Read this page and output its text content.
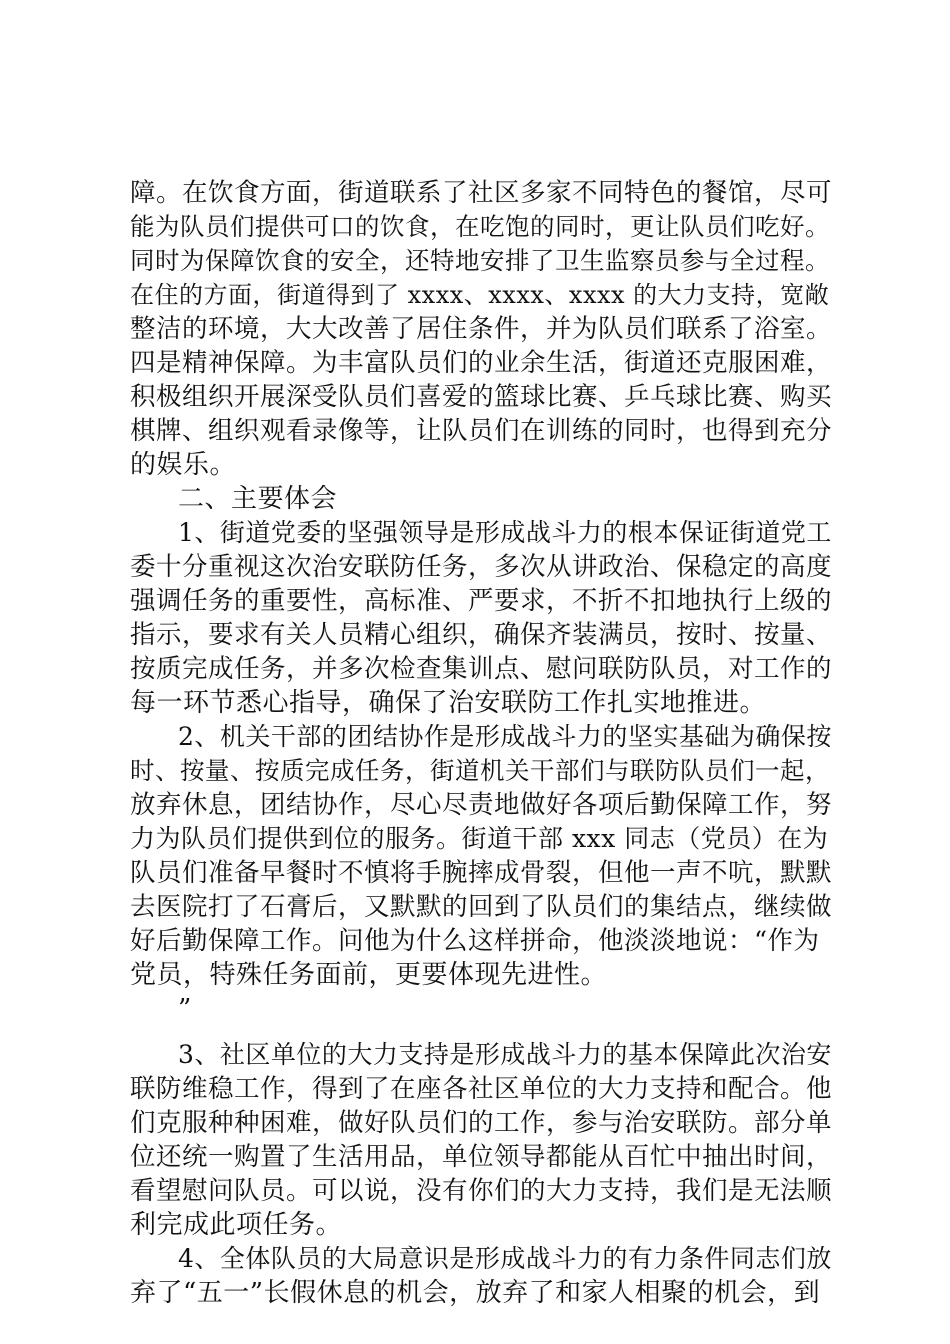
障。在饮食方面，街道联系了社区多家不同特色的餐馆，尽可
能为队员们提供可口的饮食，在吃饱的同时，更让队员们吃好。
同时为保障饮食的安全，还特地安排了卫生监察员参与全过程。
在住的方面，街道得到了 xxxx、xxxx、xxxx 的大力支持，宽敞
整洁的环境，大大改善了居住条件，并为队员们联系了浴室。
四是精神保障。为丰富队员们的业余生活，街道还克服困难，
积极组织开展深受队员们喜爱的篮球比赛、乒乓球比赛、购买
棋牌、组织观看录像等，让队员们在训练的同时，也得到充分
的娱乐。
二、主要体会
1、街道党委的坚强领导是形成战斗力的根本保证街道党工
委十分重视这次治安联防任务，多次从讲政治、保稳定的高度
强调任务的重要性，高标准、严要求，不折不扣地执行上级的
指示，要求有关人员精心组织，确保齐装满员，按时、按量、
按质完成任务，并多次检查集训点、慰问联防队员，对工作的
每一环节悉心指导，确保了治安联防工作扎实地推进。
2、机关干部的团结协作是形成战斗力的坚实基础为确保按
时、按量、按质完成任务，街道机关干部们与联防队员们一起，
放弃休息，团结协作，尽心尽责地做好各项后勤保障工作，努
力为队员们提供到位的服务。街道干部 xxx 同志（党员）在为
队员们准备早餐时不慎将手腕摔成骨裂，但他一声不吭，默默
去医院打了石膏后，又默默的回到了队员们的集结点，继续做
好后勤保障工作。问他为什么这样拼命，他淡淡地说：“作为
党员，特殊任务面前，更要体现先进性。
”
3、社区单位的大力支持是形成战斗力的基本保障此次治安
联防维稳工作，得到了在座各社区单位的大力支持和配合。他
们克服种种困难，做好队员们的工作，参与治安联防。部分单
位还统一购置了生活用品，单位领导都能从百忙中抽出时间，
看望慰问队员。可以说，没有你们的大力支持，我们是无法顺
利完成此项任务。
4、全体队员的大局意识是形成战斗力的有力条件同志们放
弃了“五一”长假休息的机会，放弃了和家人相聚的机会，到
